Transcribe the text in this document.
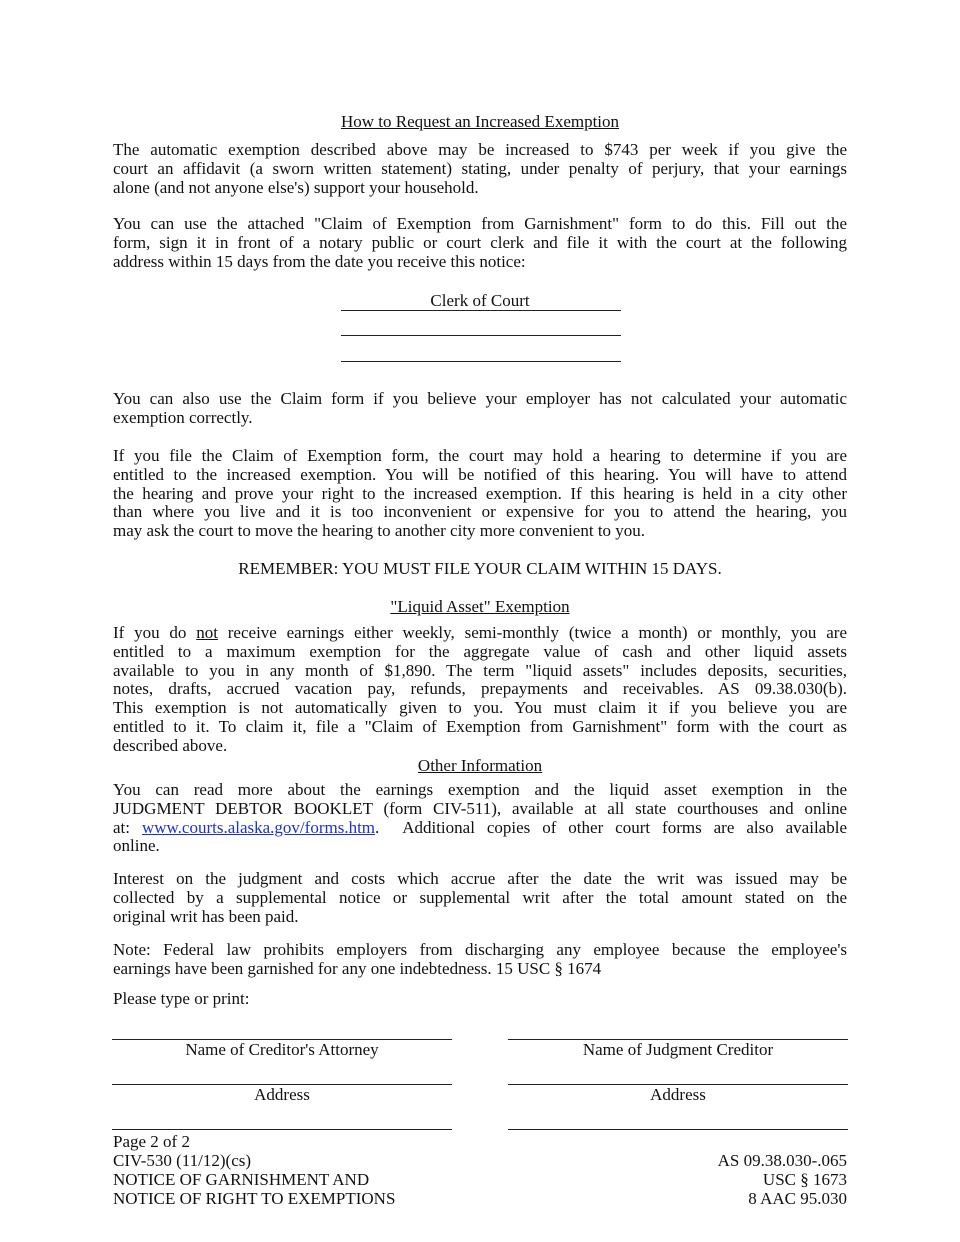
How to Request an Increased Exemption
The automatic exemption described above may be increased to $743 per week if you give the
court an affidavit (a sworn written statement) stating, under penalty of perjury, that your earnings
alone (and not anyone else's) support your household.
You can use the attached "Claim of Exemption from Garnishment" form to do this. Fill out the
form, sign it in front of a notary public or court clerk and file it with the court at the following
address within 15 days from the date you receive this notice:
Clerk of Court
You can also use the Claim form if you believe your employer has not calculated your automatic
exemption correctly.
If you file the Claim of Exemption form, the court may hold a hearing to determine if you are
entitled to the increased exemption. You will be notified of this hearing. You will have to attend
the hearing and prove your right to the increased exemption. If this hearing is held in a city other
than where you live and it is too inconvenient or expensive for you to attend the hearing, you
may ask the court to move the hearing to another city more convenient to you.
REMEMBER: YOU MUST FILE YOUR CLAIM WITHIN 15 DAYS.
"Liquid Asset" Exemption
If you do not receive earnings either weekly, semi-monthly (twice a month) or monthly, you are
entitled to a maximum exemption for the aggregate value of cash and other liquid assets
available to you in any month of $1,890. The term "liquid assets" includes deposits, securities,
notes, drafts, accrued vacation pay, refunds, prepayments and receivables. AS 09.38.030(b).
This exemption is not automatically given to you. You must claim it if you believe you are
entitled to it. To claim it, file a "Claim of Exemption from Garnishment" form with the court as
described above.
Other Information
You can read more about the earnings exemption and the liquid asset exemption in the
JUDGMENT DEBTOR BOOKLET (form CIV-511), available at all state courthouses and online
at: www.courts.alaska.gov/forms.htm.  Additional copies of other court forms are also available
online.
Interest on the judgment and costs which accrue after the date the writ was issued may be
collected by a supplemental notice or supplemental writ after the total amount stated on the
original writ has been paid.
Note: Federal law prohibits employers from discharging any employee because the employee's
earnings have been garnished for any one indebtedness. 15 USC § 1674
Please type or print:
Name of Creditor's Attorney	Name of Judgment Creditor
Address	Address
Page 2 of 2
CIV-530 (11/12)(cs)
NOTICE OF GARNISHMENT AND
NOTICE OF RIGHT TO EXEMPTIONS
AS 09.38.030-.065
USC § 1673
8 AAC 95.030
